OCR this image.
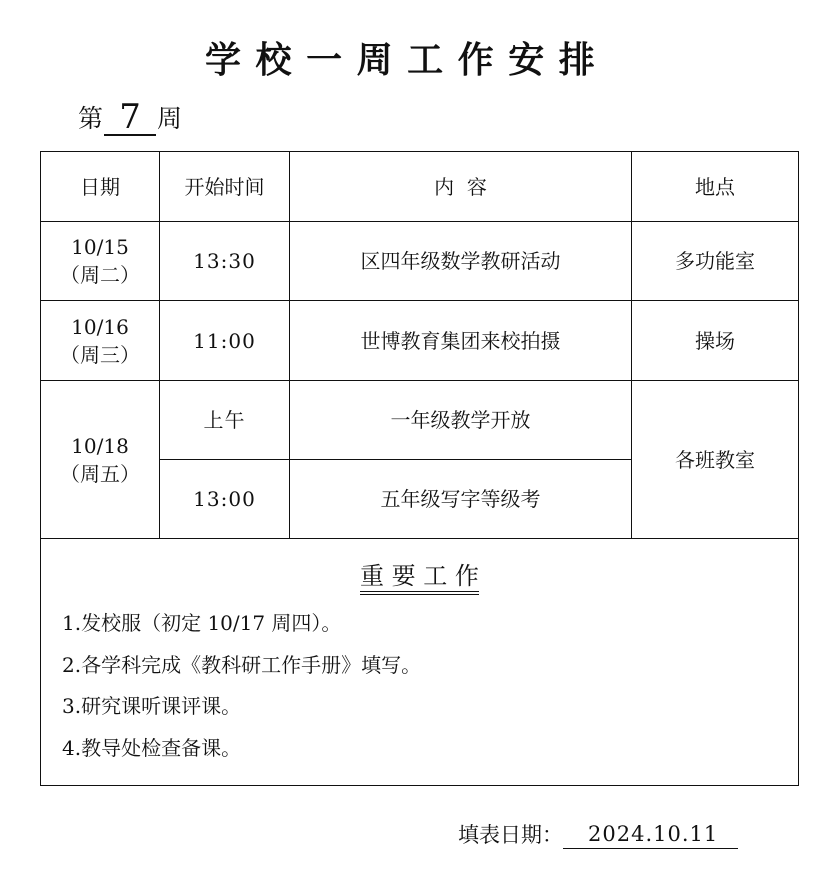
学 校 一 周 工 作 安 排
第 7 周
日期	开始时间	内  容	地点

10/15
（周二）	13:30	区四年级数学教研活动	多功能室

10/16
（周三）	11:00	世博教育集团来校拍摄	操场

10/18
（周五）	上午	一年级教学开放	各班教室
	13:00	五年级写字等级考	

重 要 工 作
1.发校服（初定 10/17 周四）。
2.各学科完成《教科研工作手册》填写。
3.研究课听课评课。
4.教导处检查备课。			
填表日期：	2024.10.11
